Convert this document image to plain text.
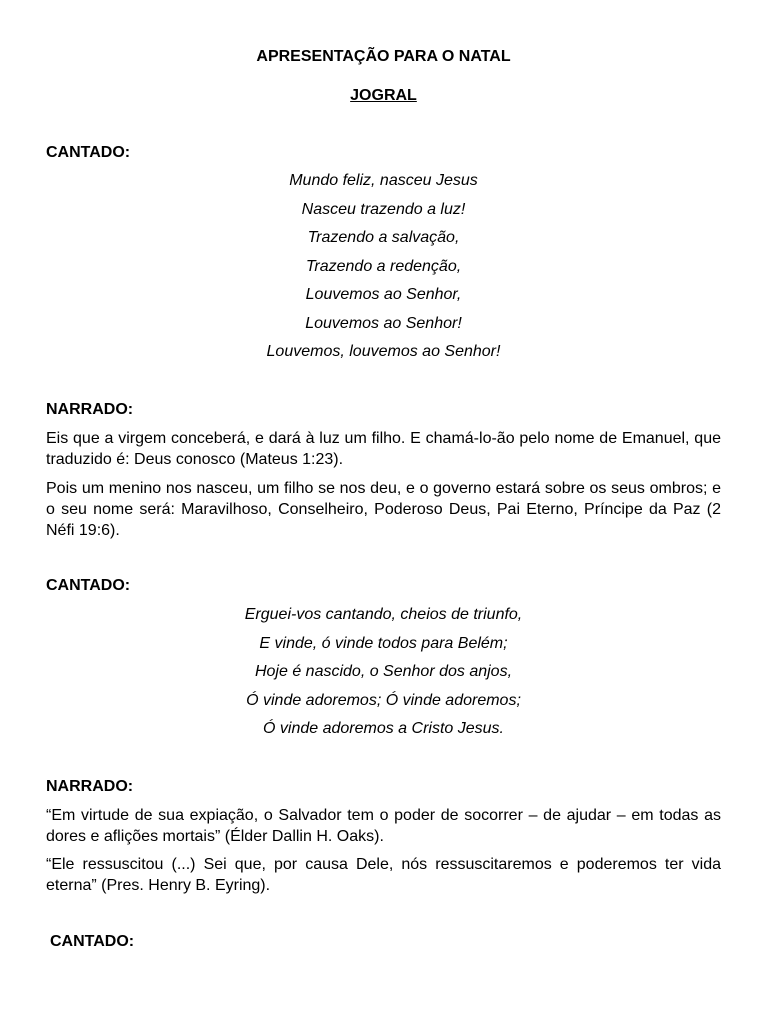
APRESENTAÇÃO PARA O NATAL
JOGRAL
CANTADO:
Mundo feliz, nasceu Jesus
Nasceu trazendo a luz!
Trazendo a salvação,
Trazendo a redenção,
Louvemos ao Senhor,
Louvemos ao Senhor!
Louvemos, louvemos ao Senhor!
NARRADO:
Eis que a virgem conceberá, e dará à luz um filho. E chamá-lo-ão pelo nome de Emanuel, que traduzido é: Deus conosco (Mateus 1:23).
Pois um menino nos nasceu, um filho se nos deu, e o governo estará sobre os seus ombros; e o seu nome será: Maravilhoso, Conselheiro, Poderoso Deus, Pai Eterno, Príncipe da Paz (2 Néfi 19:6).
CANTADO:
Erguei-vos cantando, cheios de triunfo,
E vinde, ó vinde todos para Belém;
Hoje é nascido, o Senhor dos anjos,
Ó vinde adoremos; Ó vinde adoremos;
Ó vinde adoremos a Cristo Jesus.
NARRADO:
“Em virtude de sua expiação, o Salvador tem o poder de socorrer – de ajudar – em todas as dores e aflições mortais” (Élder Dallin H. Oaks).
“Ele ressuscitou (...) Sei que, por causa Dele, nós ressuscitaremos e poderemos ter vida eterna” (Pres. Henry B. Eyring).
CANTADO:
